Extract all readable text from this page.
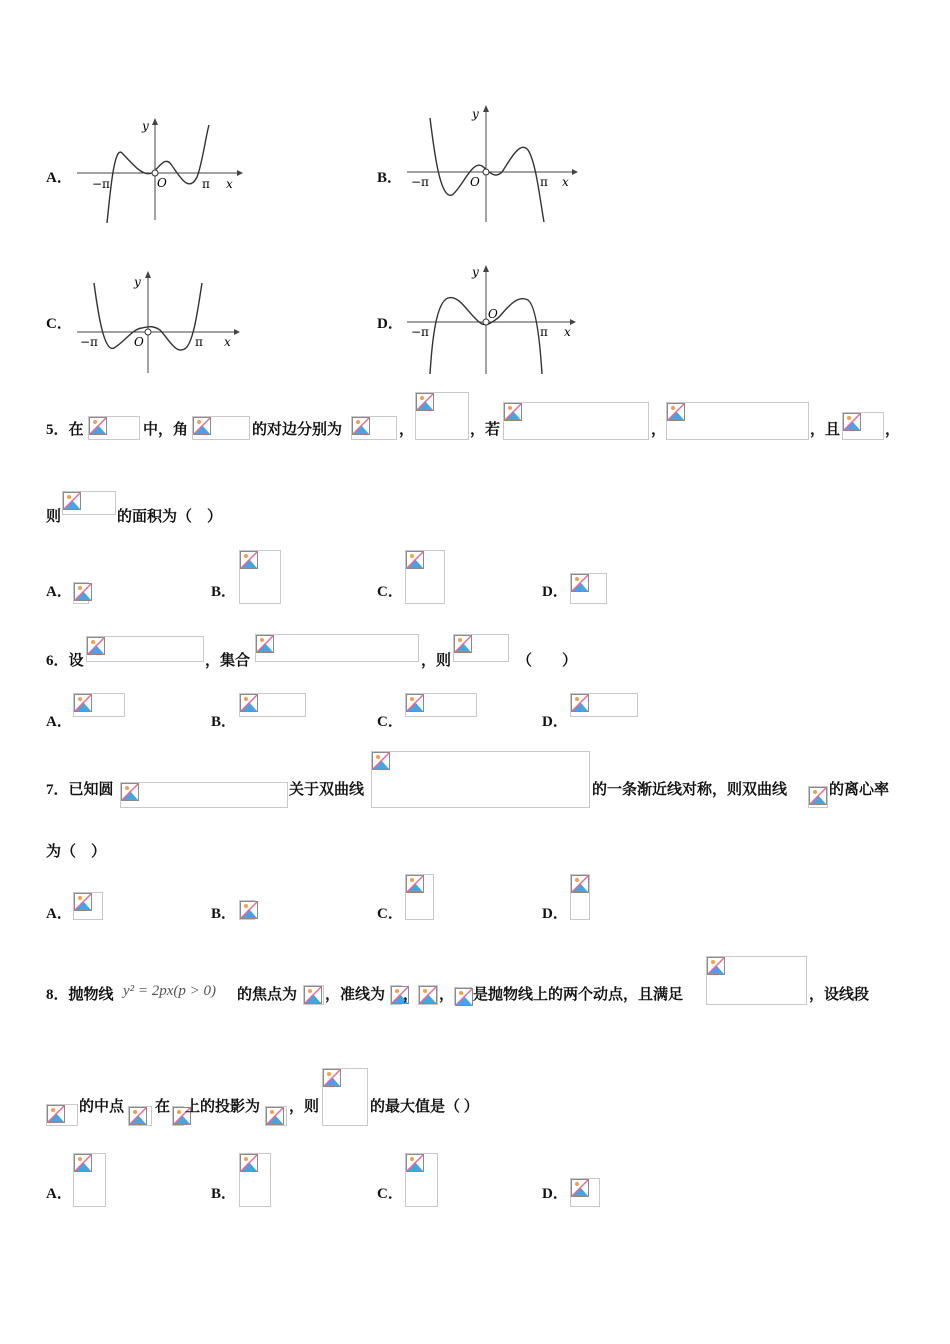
A． −π	π x
y
O	B． −π	π x
y
O
C．
−π	π x
y
O
D． −π	π x
y
O
5．在	中，角	的对边分别为	，	，若	，	，且	，
则	的面积为（　）
A．	B．	C．	D．
6．设	，集合	，则	（　　）
A．	B．	C．	D．
7．已知圆	关于双曲线	的一条渐近线对称，则双曲线	的离心率
为（　）
A．	B．	C．	D．
8．抛物线 y² = 2px(p > 0) 的焦点为 ，准线为 ， ， 是抛物线上的两个动点，且满足	，设线段
的中点 在 上的投影为 ，则	的最大值是（ ）
A．	B．	C．	D．
